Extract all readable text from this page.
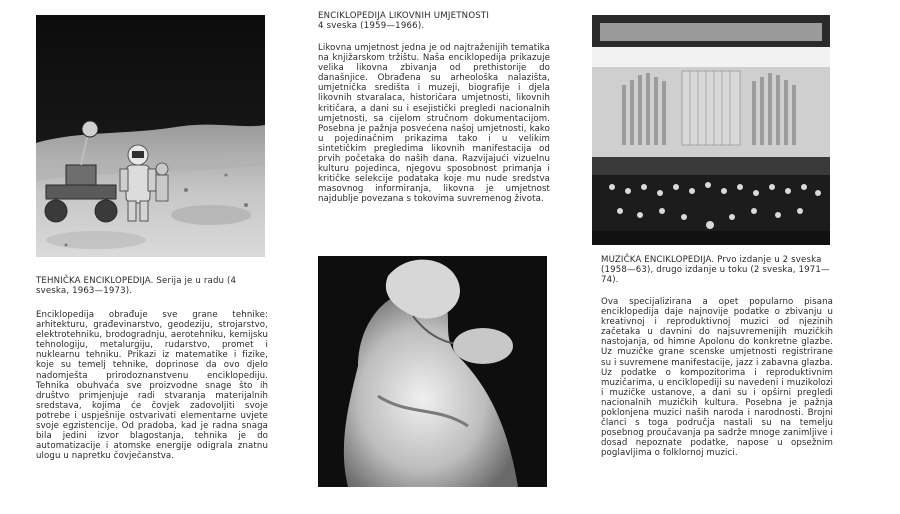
TEHNIČKA ENCIKLOPEDIJA. Serija je u radu (4 sveska, 1963—1973).
Enciklopedija obrađuje sve grane tehnike: arhitekturu, građevinarstvo, geodeziju, strojarstvo, elektrotehniku, brodogradnju, aerotehniku, kemijsku tehnologiju, metalurgiju, rudarstvo, promet i nuklearnu tehniku. Prikazi iz matematike i fizike, koje su temelj tehnike, doprinose da ovo djelo nadomješta prirodoznanstvenu enciklopediju. Tehnika obuhvaća sve proizvodne snage što ih društvo primjenjuje radi stvaranja materijalnih sredstava, kojima će čovjek zadovoljiti svoje potrebe i uspješnije ostvarivati elementarne uvjete svoje egzistencije. Od pradoba, kad je radna snaga bila jedini izvor blagostanja, tehnika je do automatizacije i atomske energije odigrala znatnu ulogu u napretku čovječanstva.
ENCIKLOPEDIJA LIKOVNIH UMJETNOSTI
4 sveska (1959—1966).
Likovna umjetnost jedna je od najtraženijih tematika na knjižarskom tržištu. Naša enciklopedija prikazuje velika likovna zbivanja od prethistorije do današnjice. Obrađena su arheološka nalazišta, umjetnička središta i muzeji, biografije i djela likovnih stvaralaca, historičara umjetnosti, likovnih kritičara, a dani su i esejistički pregledi nacionalnih umjetnosti, sa cijelom stručnom dokumentacijom. Posebna je pažnja posvećena našoj umjetnosti, kako u pojedinačnim prikazima tako i u velikim sintetičkim pregledima likovnih manifestacija od prvih početaka do naših dana. Razvijajući vizuelnu kulturu pojedinca, njegovu sposobnost primanja i kritičke selekcije podataka koje mu nude sredstva masovnog informiranja, likovna je umjetnost najdublje povezana s tokovima suvremenog života.
MUZIČKA ENCIKLOPEDIJA. Prvo izdanje u 2 sveska (1958—63), drugo izdanje u toku (2 sveska, 1971—74).
Ova specijalizirana a opet popularno pisana enciklopedija daje najnovije podatke o zbivanju u kreativnoj i reproduktivnoj muzici od njezinih začetaka u davnini do najsuvremenijih muzičkih nastojanja, od himne Apolonu do konkretne glazbe. Uz muzičke grane scenske umjetnosti registrirane su i suvremene manifestacije, jazz i zabavna glazba. Uz podatke o kompozitorima i reproduktivnim muzičarima, u enciklopediji su navedeni i muzikolozi i muzičke ustanove, a dani su i opširni pregledi nacionalnih muzičkih kultura. Posebna je pažnja poklonjena muzici naših naroda i narodnosti. Brojni članci s toga područja nastali su na temelju posebnog proučavanja pa sadrže mnoge zanimljive i dosad nepoznate podatke, napose u opsežnim poglavljima o folklornoj muzici.
